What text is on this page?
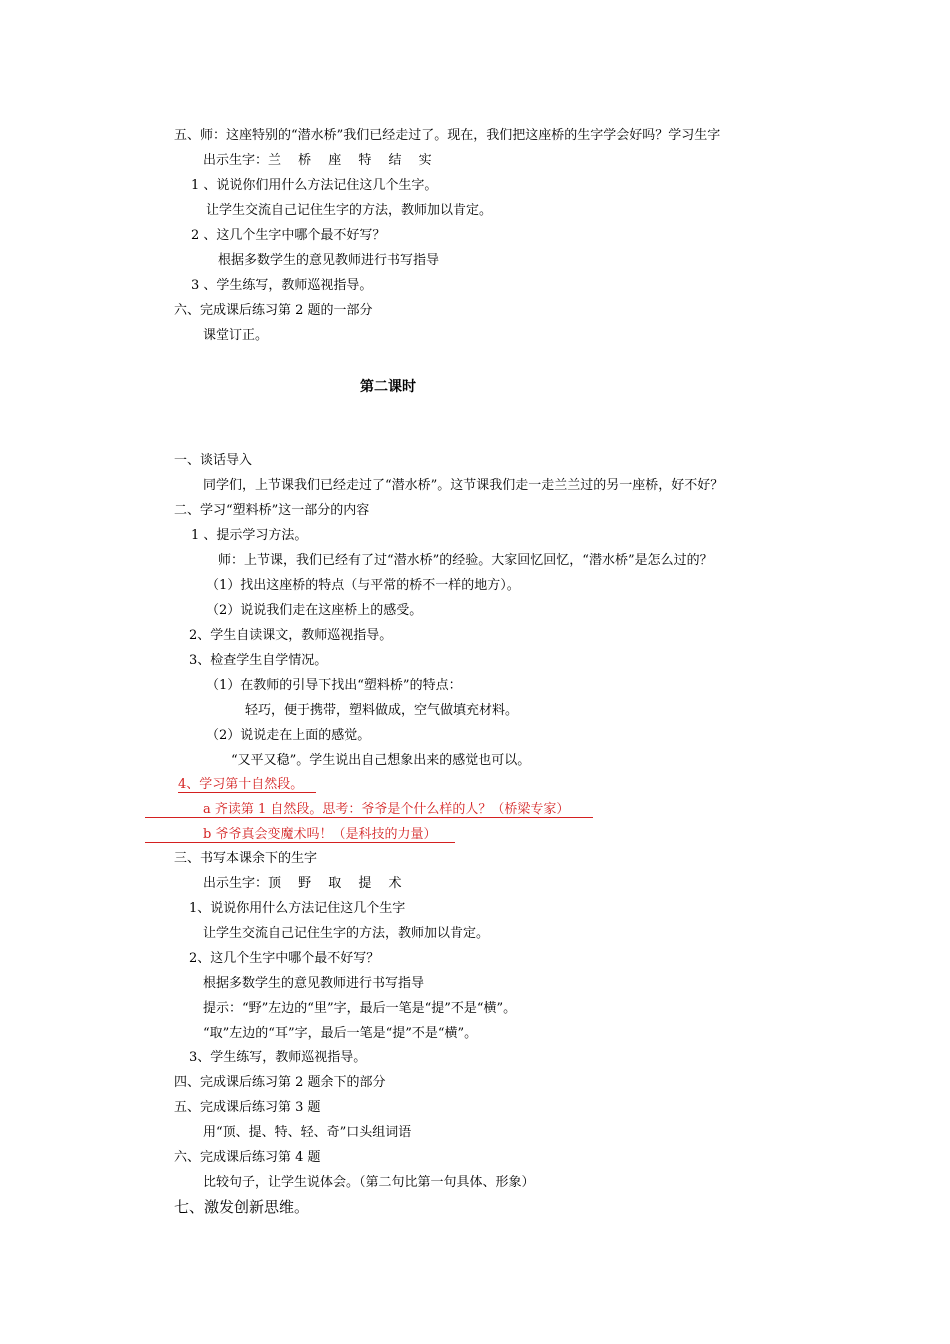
五、师：这座特别的“潜水桥”我们已经走过了。现在，我们把这座桥的生字学会好吗？学习生字
出示生字：兰　 桥　 座　 特　 结　 实
1 、说说你们用什么方法记住这几个生字。
让学生交流自己记住生字的方法，教师加以肯定。
2 、这几个生字中哪个最不好写？
根据多数学生的意见教师进行书写指导
3 、学生练写，教师巡视指导。
六、完成课后练习第 2 题的一部分
课堂订正。
第二课时
一、谈话导入
同学们，上节课我们已经走过了“潜水桥”。这节课我们走一走兰兰过的另一座桥，好不好？
二、学习“塑料桥”这一部分的内容
1 、提示学习方法。
师：上节课，我们已经有了过“潜水桥”的经验。大家回忆回忆，“潜水桥”是怎么过的？
（1）找出这座桥的特点（与平常的桥不一样的地方）。
（2）说说我们走在这座桥上的感受。
2、学生自读课文，教师巡视指导。
3、检查学生自学情况。
（1）在教师的引导下找出“塑料桥”的特点：
轻巧，便于携带，塑料做成，空气做填充材料。
（2）说说走在上面的感觉。
“又平又稳”。学生说出自己想象出来的感觉也可以。
4、学习第十自然段。
a 齐读第 1 自然段。思考：爷爷是个什么样的人？（桥梁专家）
b 爷爷真会变魔术吗！（是科技的力量）
三、书写本课余下的生字
出示生字：顶　 野　 取　 提　 术
1、说说你用什么方法记住这几个生字
让学生交流自己记住生字的方法，教师加以肯定。
2、这几个生字中哪个最不好写？
根据多数学生的意见教师进行书写指导
提示：“野”左边的“里”字，最后一笔是“提”不是“横”。
“取”左边的“耳”字，最后一笔是“提”不是“横”。
3、学生练写，教师巡视指导。
四、完成课后练习第 2 题余下的部分
五、完成课后练习第 3 题
用“顶、提、特、轻、奇”口头组词语
六、完成课后练习第 4 题
比较句子，让学生说体会。（第二句比第一句具体、形象）
七、激发创新思维。
